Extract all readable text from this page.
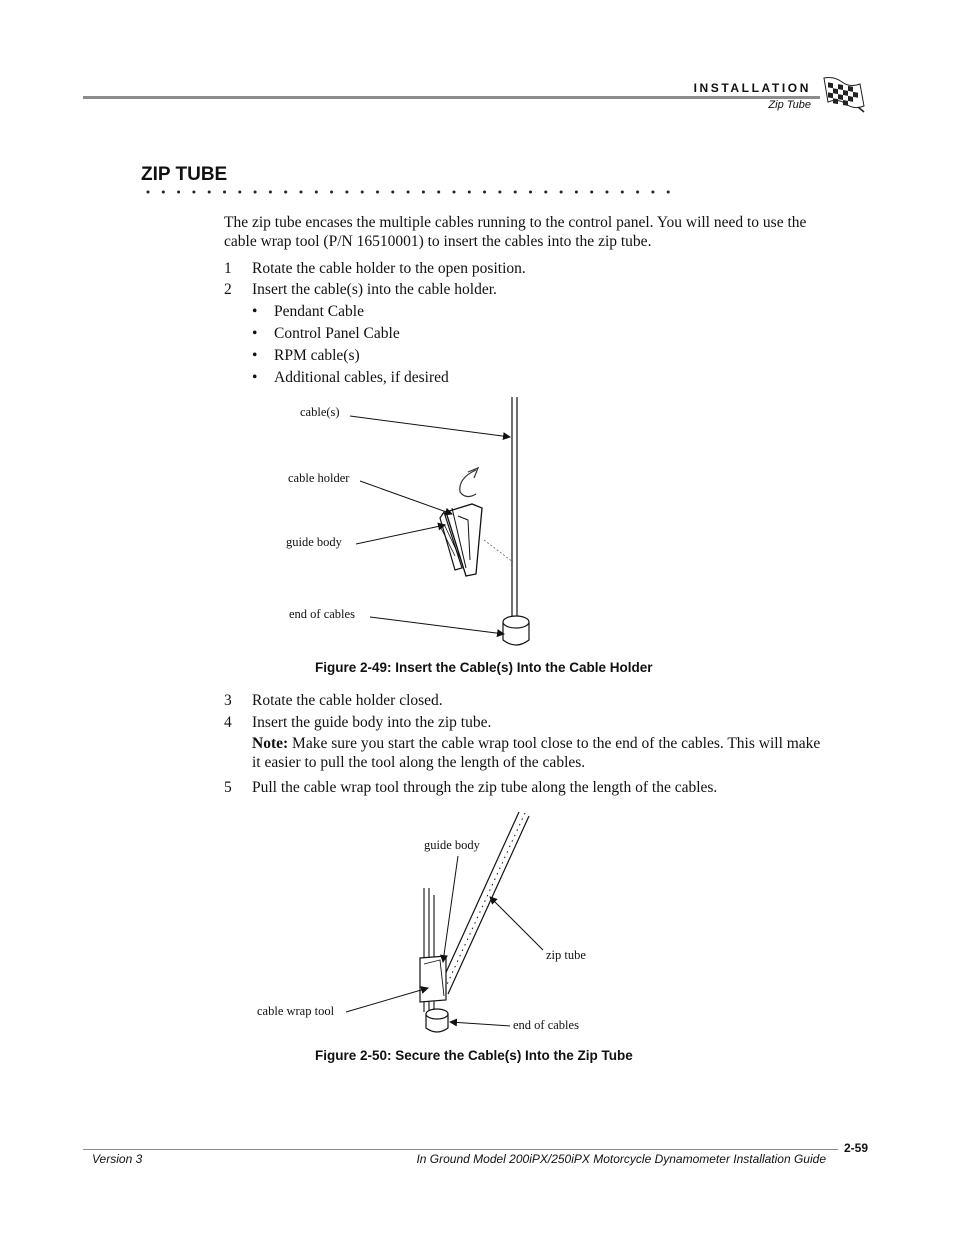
INSTALLATION
Zip Tube
ZIP TUBE
The zip tube encases the multiple cables running to the control panel. You will need to use the cable wrap tool (P/N 16510001) to insert the cables into the zip tube.
1 Rotate the cable holder to the open position.
2 Insert the cable(s) into the cable holder.
• Pendant Cable
• Control Panel Cable
• RPM cable(s)
• Additional cables, if desired
cable(s)
cable holder
guide body
end of cables
Figure 2-49: Insert the Cable(s) Into the Cable Holder
3 Rotate the cable holder closed.
4 Insert the guide body into the zip tube.
Note: Make sure you start the cable wrap tool close to the end of the cables. This will make it easier to pull the tool along the length of the cables.
5 Pull the cable wrap tool through the zip tube along the length of the cables.
guide body
zip tube
cable wrap tool
end of cables
Figure 2-50: Secure the Cable(s) Into the Zip Tube
2-59
Version 3	In Ground Model 200iPX/250iPX Motorcycle Dynamometer Installation Guide
